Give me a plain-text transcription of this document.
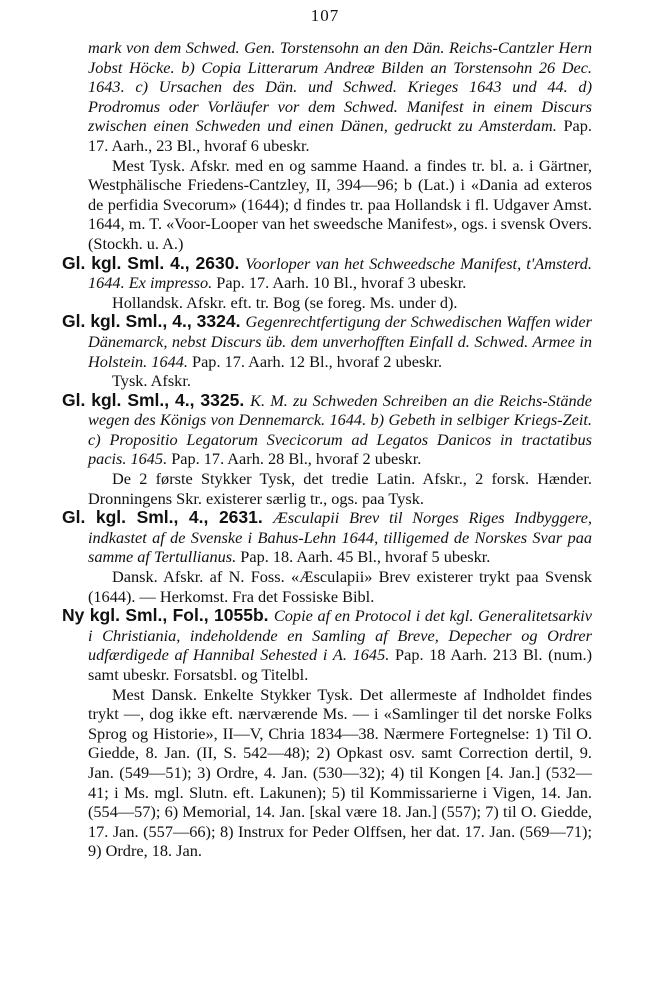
107
mark von dem Schwed. Gen. Torstensohn an den Dän. Reichs-Cantzler Hern Jobst Höcke. b) Copia Litterarum Andreæ Bilden an Torstensohn 26 Dec. 1643. c) Ursachen des Dän. und Schwed. Krieges 1643 und 44. d) Prodromus oder Vorläufer vor dem Schwed. Manifest in einem Discurs zwischen einen Schweden und einen Dänen, gedruckt zu Amsterdam. Pap. 17. Aarh., 23 Bl., hvoraf 6 ubeskr.
Mest Tysk. Afskr. med en og samme Haand. a findes tr. bl. a. i Gärtner, Westphälische Friedens-Cantzley, II, 394—96; b (Lat.) i «Dania ad exteros de perfidia Svecorum» (1644); d findes tr. paa Hollandsk i fl. Udgaver Amst. 1644, m. T. «Voor-Looper van het sweedsche Manifest», ogs. i svensk Overs. (Stockh. u. A.)
Gl. kgl. Sml. 4., 2630. Voorloper van het Schweedsche Manifest, t'Amsterd. 1644. Ex impresso. Pap. 17. Aarh. 10 Bl., hvoraf 3 ubeskr.
Hollandsk. Afskr. eft. tr. Bog (se foreg. Ms. under d).
Gl. kgl. Sml., 4., 3324. Gegenrechtfertigung der Schwedischen Waffen wider Dänemarck, nebst Discurs üb. dem unverhofften Einfall d. Schwed. Armee in Holstein. 1644. Pap. 17. Aarh. 12 Bl., hvoraf 2 ubeskr.
Tysk. Afskr.
Gl. kgl. Sml., 4., 3325. K. M. zu Schweden Schreiben an die Reichs-Stände wegen des Königs von Dennemarck. 1644. b) Gebeth in selbiger Kriegs-Zeit. c) Propositio Legatorum Svecicorum ad Legatos Danicos in tractatibus pacis. 1645. Pap. 17. Aarh. 28 Bl., hvoraf 2 ubeskr.
De 2 første Stykker Tysk, det tredie Latin. Afskr., 2 forsk. Hænder. Dronningens Skr. existerer særlig tr., ogs. paa Tysk.
Gl. kgl. Sml., 4., 2631. Æsculapii Brev til Norges Riges Indbyggere, indkastet af de Svenske i Bahus-Lehn 1644, tilligemed de Norskes Svar paa samme af Tertullianus. Pap. 18. Aarh. 45 Bl., hvoraf 5 ubeskr.
Dansk. Afskr. af N. Foss. «Æsculapii» Brev existerer trykt paa Svensk (1644). — Herkomst. Fra det Fossiske Bibl.
Ny kgl. Sml., Fol., 1055b. Copie af en Protocol i det kgl. Generalitetsarkiv i Christiania, indeholdende en Samling af Breve, Depecher og Ordrer udfærdigede af Hannibal Sehested i A. 1645. Pap. 18 Aarh. 213 Bl. (num.) samt ubeskr. Forsatsbl. og Titelbl.
Mest Dansk. Enkelte Stykker Tysk. Det allermeste af Indholdet findes trykt —, dog ikke eft. nærværende Ms. — i «Samlinger til det norske Folks Sprog og Historie», II—V, Chria 1834—38. Nærmere Fortegnelse: 1) Til O. Giedde, 8. Jan. (II, S. 542—48); 2) Opkast osv. samt Correction dertil, 9. Jan. (549—51); 3) Ordre, 4. Jan. (530—32); 4) til Kongen [4. Jan.] (532—41; i Ms. mgl. Slutn. eft. Lakunen); 5) til Kommissarierne i Vigen, 14. Jan. (554—57); 6) Memorial, 14. Jan. [skal være 18. Jan.] (557); 7) til O. Giedde, 17. Jan. (557—66); 8) Instrux for Peder Olffsen, her dat. 17. Jan. (569—71); 9) Ordre, 18. Jan.
